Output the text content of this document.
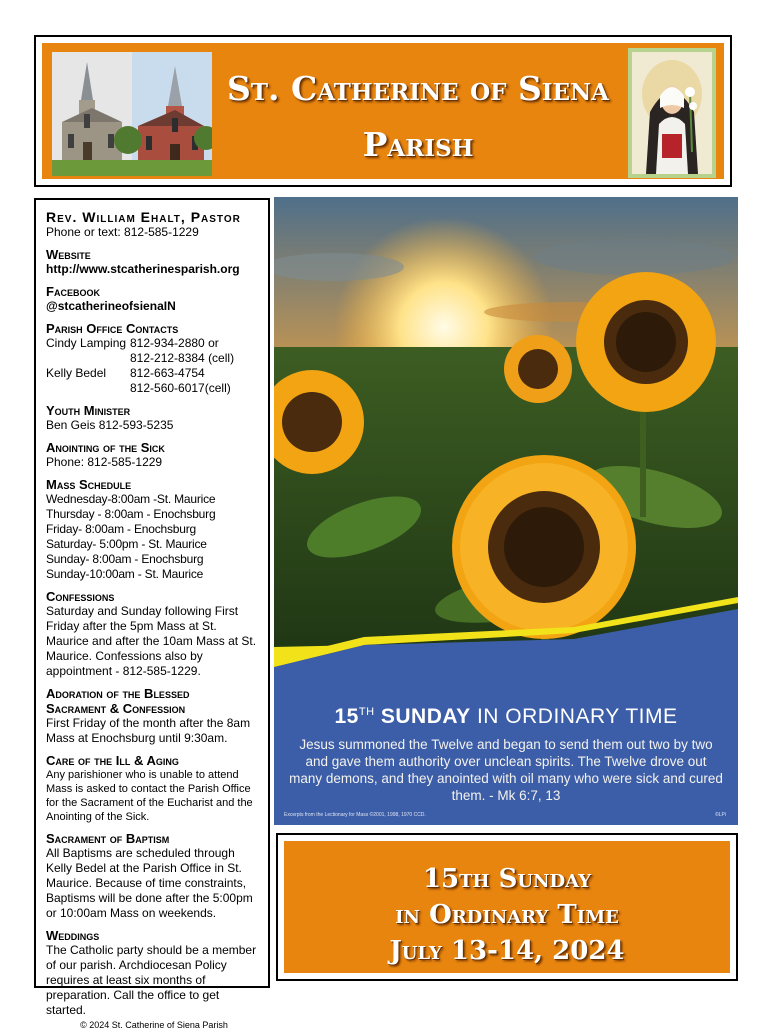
St. Catherine of Siena
Parish

Rev. William Ehalt, Pastor

Phone or text: 812-585-1229

Website

http://www.stcatherinesparish.org

Facebook

@stcatherineofsienaIN

Parish Office Contacts

Cindy Lamping 812-934-2880 or
812-212-8384 (cell)
Kelly Bedel	812-663-4754
812-560-6017(cell)

Youth Minister

Ben Geis 812-593-5235

Anointing of the Sick

Phone: 812-585-1229

Mass Schedule

Wednesday-8:00am -St. Maurice

Thursday - 8:00am - Enochsburg

Friday- 8:00am - Enochsburg

Saturday- 5:00pm - St. Maurice

Sunday- 8:00am - Enochsburg

Sunday-10:00am - St. Maurice

Confessions

Saturday and Sunday following First Friday after the 5pm Mass at St. Maurice and after the 10am Mass at St. Maurice. Confessions also by appointment - 812-585-1229.

Adoration of the Blessed

Sacrament & Confession

First Friday of the month after the 8am Mass at Enochsburg until 9:30am.

Care of the Ill & Aging

Any parishioner who is unable to attend Mass is asked to contact the Parish Office for the Sacrament of the Eucharist and the Anointing of the Sick.

Sacrament of Baptism

All Baptisms are scheduled through Kelly Bedel at the Parish Office in St. Maurice. Because of time constraints, Baptisms will be done after the 5:00pm or 10:00am Mass on weekends.

Weddings

The Catholic party should be a member of our parish. Archdiocesan Policy requires at least six months of preparation. Call the office to get started.

© 2024 St. Catherine of Siena Parish

15TH SUNDAY IN ORDINARY TIME

Jesus summoned the Twelve and began to send them out two by two and gave them authority over unclean spirits. The Twelve drove out many demons, and they anointed with oil many who were sick and cured them. - Mk 6:7, 13

Excerpts from the Lectionary for Mass ©2001, 1998, 1970 CCD.	©LPi
15th Sunday
in Ordinary Time
July 13-14, 2024
